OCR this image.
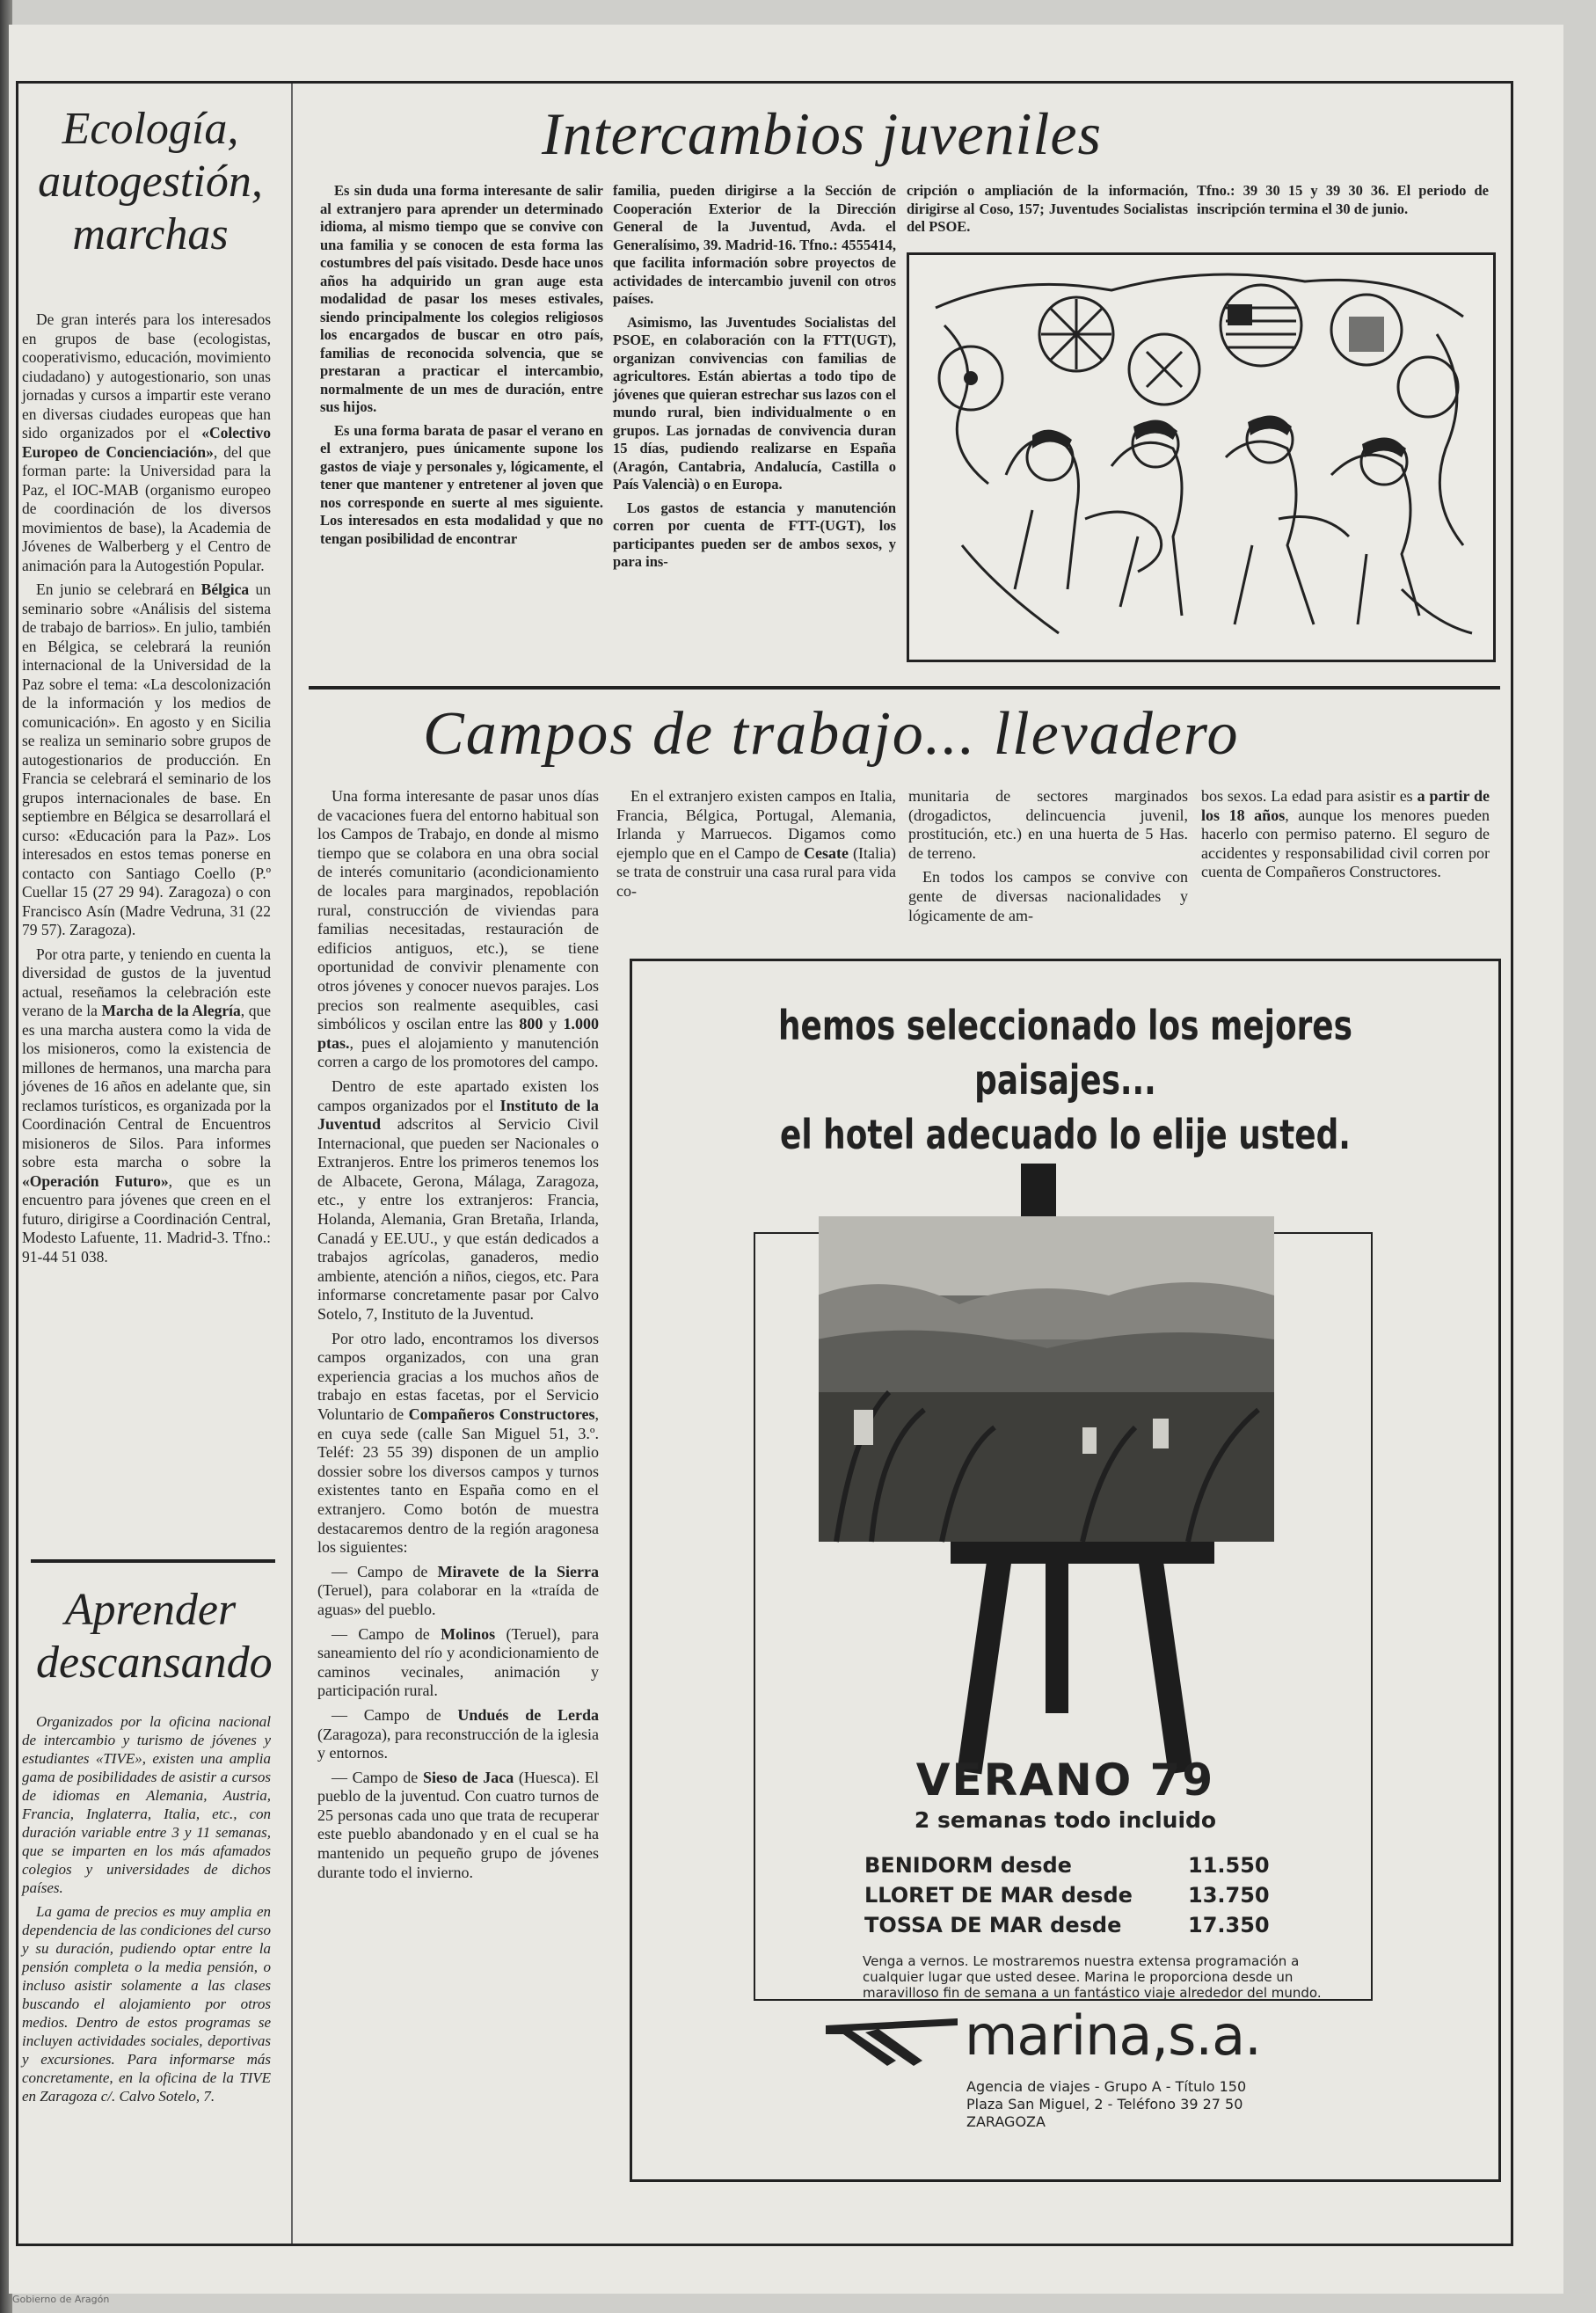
Gobierno de Aragón
Ecología, autogestión, marchas

De gran interés para los interesados en grupos de base (ecologistas, cooperativismo, educación, movimiento ciudadano) y autogestionario, son unas jornadas y cursos a impartir este verano en diversas ciudades europeas que han sido organizados por el «Colectivo Europeo de Concienciación», del que forman parte: la Universidad para la Paz, el IOC-MAB (organismo europeo de coordinación de los diversos movimientos de base), la Academia de Jóvenes de Walberberg y el Centro de animación para la Autogestión Popular.

En junio se celebrará en Bélgica un seminario sobre «Análisis del sistema de trabajo de barrios». En julio, también en Bélgica, se celebrará la reunión internacional de la Universidad de la Paz sobre el tema: «La descolonización de la información y los medios de comunicación». En agosto y en Sicilia se realiza un seminario sobre grupos de autogestionarios de producción. En Francia se celebrará el seminario de los grupos internacionales de base. En septiembre en Bélgica se desarrollará el curso: «Educación para la Paz». Los interesados en estos temas ponerse en contacto con Santiago Coello (P.º Cuellar 15 (27 29 94). Zaragoza) o con Francisco Asín (Madre Vedruna, 31 (22 79 57). Zaragoza).

Por otra parte, y teniendo en cuenta la diversidad de gustos de la juventud actual, reseñamos la celebración este verano de la Marcha de la Alegría, que es una marcha austera como la vida de los misioneros, como la existencia de millones de hermanos, una marcha para jóvenes de 16 años en adelante que, sin reclamos turísticos, es organizada por la Coordinación Central de Encuentros misioneros de Silos. Para informes sobre esta marcha o sobre la «Operación Futuro», que es un encuentro para jóvenes que creen en el futuro, dirigirse a Coordinación Central, Modesto Lafuente, 11. Madrid-3. Tfno.: 91-44 51 038.

Aprender descansando

Organizados por la oficina nacional de intercambio y turismo de jóvenes y estudiantes «TIVE», existen una amplia gama de posibilidades de asistir a cursos de idiomas en Alemania, Austria, Francia, Inglaterra, Italia, etc., con duración variable entre 3 y 11 semanas, que se imparten en los más afamados colegios y universidades de dichos países.

La gama de precios es muy amplia en dependencia de las condiciones del curso y su duración, pudiendo optar entre la pensión completa o la media pensión, o incluso asistir solamente a las clases buscando el alojamiento por otros medios. Dentro de estos programas se incluyen actividades sociales, deportivas y excursiones. Para informarse más concretamente, en la oficina de la TIVE en Zaragoza c/. Calvo Sotelo, 7.

Intercambios juveniles

Es sin duda una forma interesante de salir al extranjero para aprender un determinado idioma, al mismo tiempo que se convive con una familia y se conocen de esta forma las costumbres del país visitado. Desde hace unos años ha adquirido un gran auge esta modalidad de pasar los meses estivales, siendo principalmente los colegios religiosos los encargados de buscar en otro país, familias de reconocida solvencia, que se prestaran a practicar el intercambio, normalmente de un mes de duración, entre sus hijos.

Es una forma barata de pasar el verano en el extranjero, pues únicamente supone los gastos de viaje y personales y, lógicamente, el tener que mantener y entretener al joven que nos corresponde en suerte al mes siguiente. Los interesados en esta modalidad y que no tengan posibilidad de encontrar

familia, pueden dirigirse a la Sección de Cooperación Exterior de la Dirección General de la Juventud, Avda. el Generalísimo, 39. Madrid-16. Tfno.: 4555414, que facilita información sobre proyectos de actividades de intercambio juvenil con otros países.

Asimismo, las Juventudes Socialistas del PSOE, en colaboración con la FTT(UGT), organizan convivencias con familias de agricultores. Están abiertas a todo tipo de jóvenes que quieran estrechar sus lazos con el mundo rural, bien individualmente o en grupos. Las jornadas de convivencia duran 15 días, pudiendo realizarse en España (Aragón, Cantabria, Andalucía, Castilla o País Valencià) o en Europa.

Los gastos de estancia y manutención corren por cuenta de FTT-(UGT), los participantes pueden ser de ambos sexos, y para ins-

cripción o ampliación de la información, dirigirse al Coso, 157; Juventudes Socialistas del PSOE.

Tfno.: 39 30 15 y 39 30 36. El periodo de inscripción termina el 30 de junio.

Campos de trabajo... llevadero

Una forma interesante de pasar unos días de vacaciones fuera del entorno habitual son los Campos de Trabajo, en donde al mismo tiempo que se colabora en una obra social de interés comunitario (acondicionamiento de locales para marginados, repoblación rural, construcción de viviendas para familias necesitadas, restauración de edificios antiguos, etc.), se tiene oportunidad de convivir plenamente con otros jóvenes y conocer nuevos parajes. Los precios son realmente asequibles, casi simbólicos y oscilan entre las 800 y 1.000 ptas., pues el alojamiento y manutención corren a cargo de los promotores del campo.

Dentro de este apartado existen los campos organizados por el Instituto de la Juventud adscritos al Servicio Civil Internacional, que pueden ser Nacionales o Extranjeros. Entre los primeros tenemos los de Albacete, Gerona, Málaga, Zaragoza, etc., y entre los extranjeros: Francia, Holanda, Alemania, Gran Bretaña, Irlanda, Canadá y EE.UU., y que están dedicados a trabajos agrícolas, ganaderos, medio ambiente, atención a niños, ciegos, etc. Para informarse concretamente pasar por Calvo Sotelo, 7, Instituto de la Juventud.

Por otro lado, encontramos los diversos campos organizados, con una gran experiencia gracias a los muchos años de trabajo en estas facetas, por el Servicio Voluntario de Compañeros Constructores, en cuya sede (calle San Miguel 51, 3.º. Teléf: 23 55 39) disponen de un amplio dossier sobre los diversos campos y turnos existentes tanto en España como en el extranjero. Como botón de muestra destacaremos dentro de la región aragonesa los siguientes:

— Campo de Miravete de la Sierra (Teruel), para colaborar en la «traída de aguas» del pueblo.

— Campo de Molinos (Teruel), para saneamiento del río y acondicionamiento de caminos vecinales, animación y participación rural.

— Campo de Undués de Lerda (Zaragoza), para reconstrucción de la iglesia y entornos.

— Campo de Sieso de Jaca (Huesca). El pueblo de la juventud. Con cuatro turnos de 25 personas cada uno que trata de recuperar este pueblo abandonado y en el cual se ha mantenido un pequeño grupo de jóvenes durante todo el invierno.

En el extranjero existen campos en Italia, Francia, Bélgica, Portugal, Alemania, Irlanda y Marruecos. Digamos como ejemplo que en el Campo de Cesate (Italia) se trata de construir una casa rural para vida co-

munitaria de sectores marginados (drogadictos, delincuencia juvenil, prostitución, etc.) en una huerta de 5 Has. de terreno.

En todos los campos se convive con gente de diversas nacionalidades y lógicamente de am-

bos sexos. La edad para asistir es a partir de los 18 años, aunque los menores pueden hacerlo con permiso paterno. El seguro de accidentes y responsabilidad civil corren por cuenta de Compañeros Constructores.

hemos seleccionado los mejores paisajes...
el hotel adecuado lo elije usted.
VERANO 79
2 semanas todo incluido
BENIDORM desde	11.550
LLORET DE MAR desde	13.750
TOSSA DE MAR desde	17.350
Venga a vernos. Le mostraremos nuestra extensa programación a cualquier lugar que usted desee. Marina le proporciona desde un maravilloso fin de semana a un fantástico viaje alrededor del mundo.
marina,s.a.
Agencia de viajes - Grupo A - Título 150
Plaza San Miguel, 2 - Teléfono 39 27 50
ZARAGOZA
